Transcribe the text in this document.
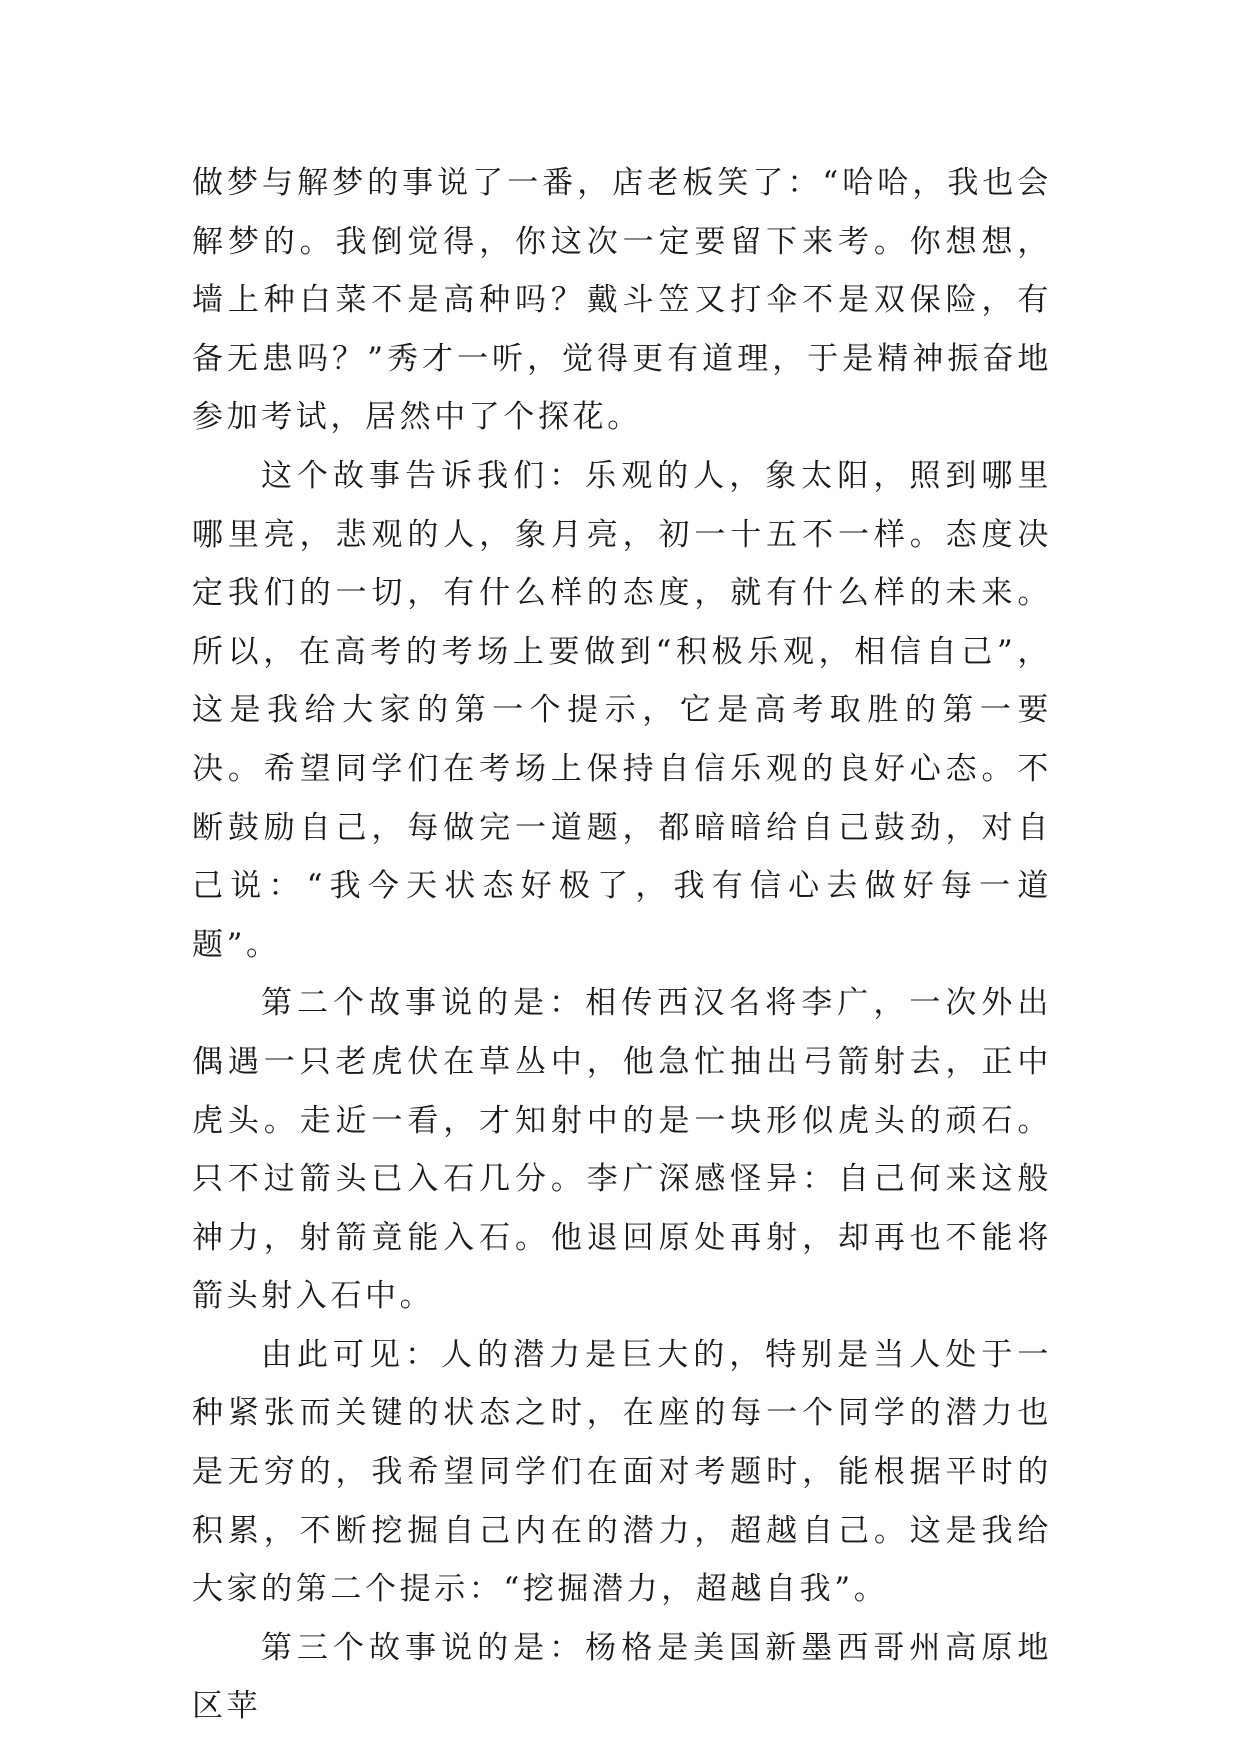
做梦与解梦的事说了一番，店老板笑了：“哈哈，我也会解梦的。我倒觉得，你这次一定要留下来考。你想想，墙上种白菜不是高种吗？戴斗笠又打伞不是双保险，有备无患吗？”秀才一听，觉得更有道理，于是精神振奋地参加考试，居然中了个探花。

这个故事告诉我们：乐观的人，象太阳，照到哪里哪里亮，悲观的人，象月亮，初一十五不一样。态度决定我们的一切，有什么样的态度，就有什么样的未来。所以，在高考的考场上要做到“积极乐观，相信自己”，这是我给大家的第一个提示，它是高考取胜的第一要决。希望同学们在考场上保持自信乐观的良好心态。不断鼓励自己，每做完一道题，都暗暗给自己鼓劲，对自己说：“我今天状态好极了，我有信心去做好每一道题”。

第二个故事说的是：相传西汉名将李广，一次外出偶遇一只老虎伏在草丛中，他急忙抽出弓箭射去，正中虎头。走近一看，才知射中的是一块形似虎头的顽石。只不过箭头已入石几分。李广深感怪异：自己何来这般神力，射箭竟能入石。他退回原处再射，却再也不能将箭头射入石中。

由此可见：人的潜力是巨大的，特别是当人处于一种紧张而关键的状态之时，在座的每一个同学的潜力也是无穷的，我希望同学们在面对考题时，能根据平时的积累，不断挖掘自己内在的潜力，超越自己。这是我给大家的第二个提示：“挖掘潜力，超越自我”。

第三个故事说的是：杨格是美国新墨西哥州高原地区苹
